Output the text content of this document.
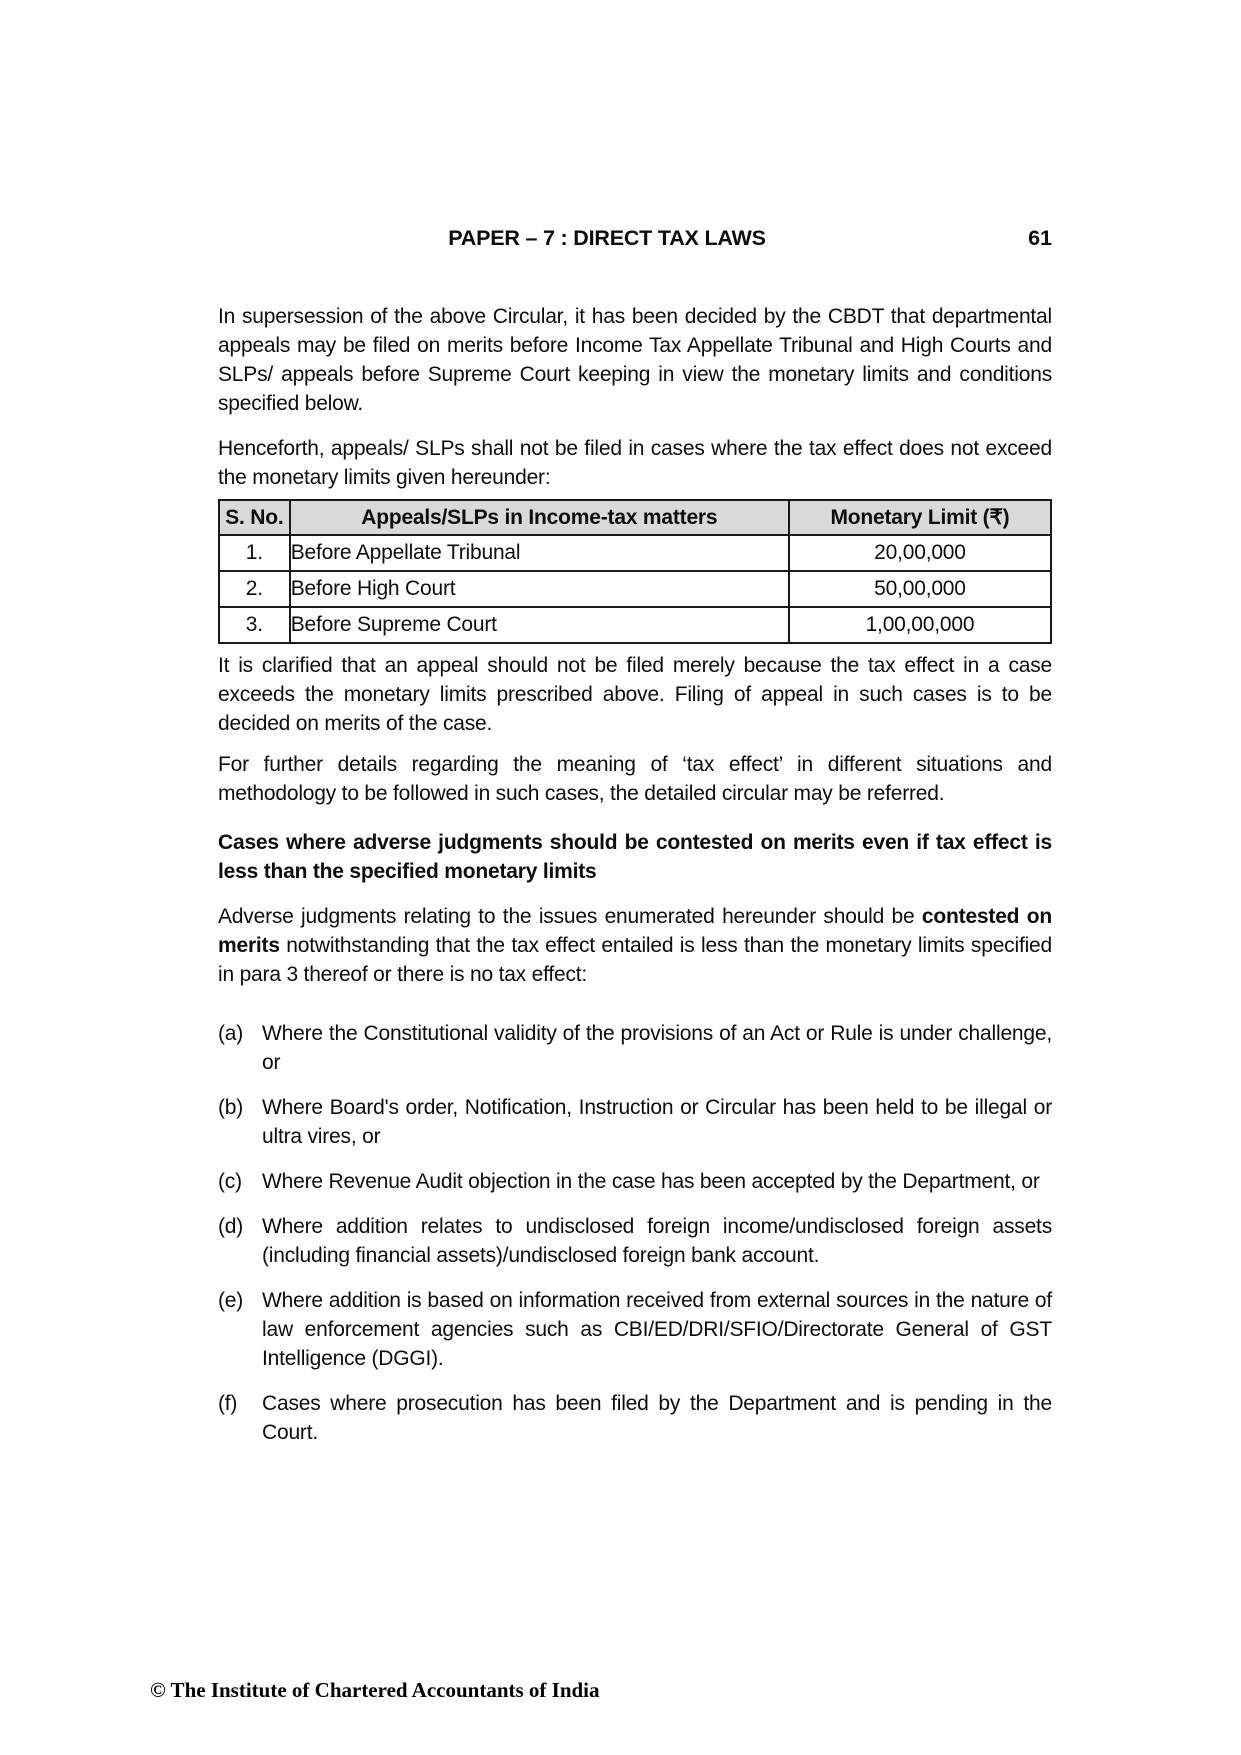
PAPER – 7 : DIRECT TAX LAWS	61

In supersession of the above Circular, it has been decided by the CBDT that departmental appeals may be filed on merits before Income Tax Appellate Tribunal and High Courts and SLPs/ appeals before Supreme Court keeping in view the monetary limits and conditions specified below.

Henceforth, appeals/ SLPs shall not be filed in cases where the tax effect does not exceed the monetary limits given hereunder:

S. No.	Appeals/SLPs in Income-tax matters	Monetary Limit (₹)
1.	Before Appellate Tribunal	20,00,000
2.	Before High Court	50,00,000
3.	Before Supreme Court	1,00,00,000

It is clarified that an appeal should not be filed merely because the tax effect in a case exceeds the monetary limits prescribed above. Filing of appeal in such cases is to be decided on merits of the case.

For further details regarding the meaning of ‘tax effect’ in different situations and methodology to be followed in such cases, the detailed circular may be referred.

Cases where adverse judgments should be contested on merits even if tax effect is less than the specified monetary limits

Adverse judgments relating to the issues enumerated hereunder should be contested on merits notwithstanding that the tax effect entailed is less than the monetary limits specified in para 3 thereof or there is no tax effect:

(a) Where the Constitutional validity of the provisions of an Act or Rule is under challenge, or
(b) Where Board's order, Notification, Instruction or Circular has been held to be illegal or ultra vires, or
(c) Where Revenue Audit objection in the case has been accepted by the Department, or
(d) Where addition relates to undisclosed foreign income/undisclosed foreign assets (including financial assets)/undisclosed foreign bank account.
(e) Where addition is based on information received from external sources in the nature of law enforcement agencies such as CBI/ED/DRI/SFIO/Directorate General of GST Intelligence (DGGI).
(f)	Cases where prosecution has been filed by the Department and is pending in the Court.
© The Institute of Chartered Accountants of India
